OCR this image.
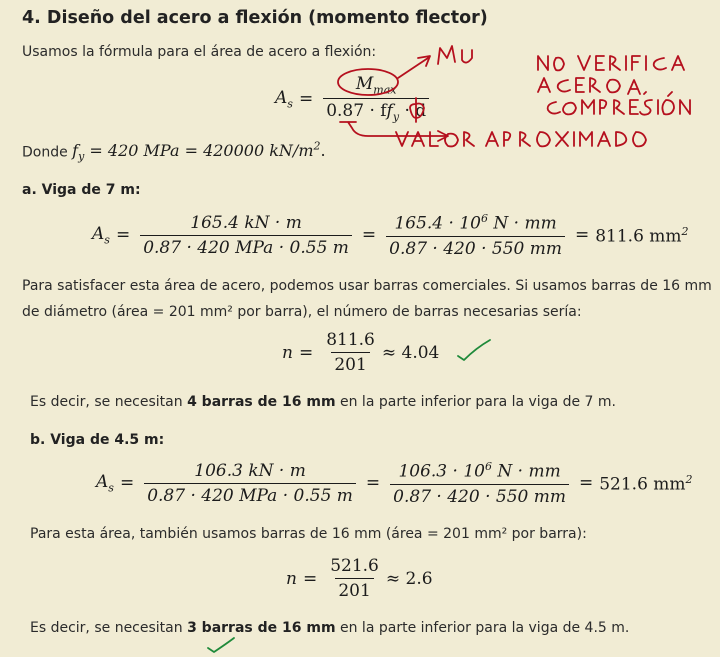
4. Diseño del acero a flexión (momento flector)
Usamos la fórmula para el área de acero a flexión:
$A_s = \frac{M_{max}}{0.87 \cdot ff_y \cdot d}$
Donde $f_y = 420$ MPa = 420000 $kN/m^2$.
a. Viga de 7 m:
$A_s = \frac{165.4 kN \cdot m}{\text{0.87 · 420 MPa · 0.55 m}} = \frac{165.4 \cdot 10^6 N \cdot mm}{0.87 \cdot 420 \cdot 550 mm} = 811.6$ $mm^2$
Para satisfacer esta área de acero, podemos usar barras comerciales. Si usamos barras de 16 mm
de diámetro (área = 201 mm² por barra), el número de barras necesarias sería:
$n = \frac{811.6}{201} \approx 4.04$
Es decir, se necesitan 4 barras de 16 mm en la parte inferior para la viga de 7 m.
b. Viga de 4.5 m:
$A_s = \frac{106.3 kN \cdot m}{\text{0.87 · 420 MPa · 0.55 m}} = \frac{106.3 \cdot 10^6 N \cdot mm}{0.87 \cdot 420 \cdot 550 mm} = 521.6$ $mm^2$
Para esta área, también usamos barras de 16 mm (área = 201 mm² por barra):
$n = \frac{521.6}{201} \approx 2.6$
Es decir, se necesitan 3 barras de 16 mm en la parte inferior para la viga de 4.5 m.
